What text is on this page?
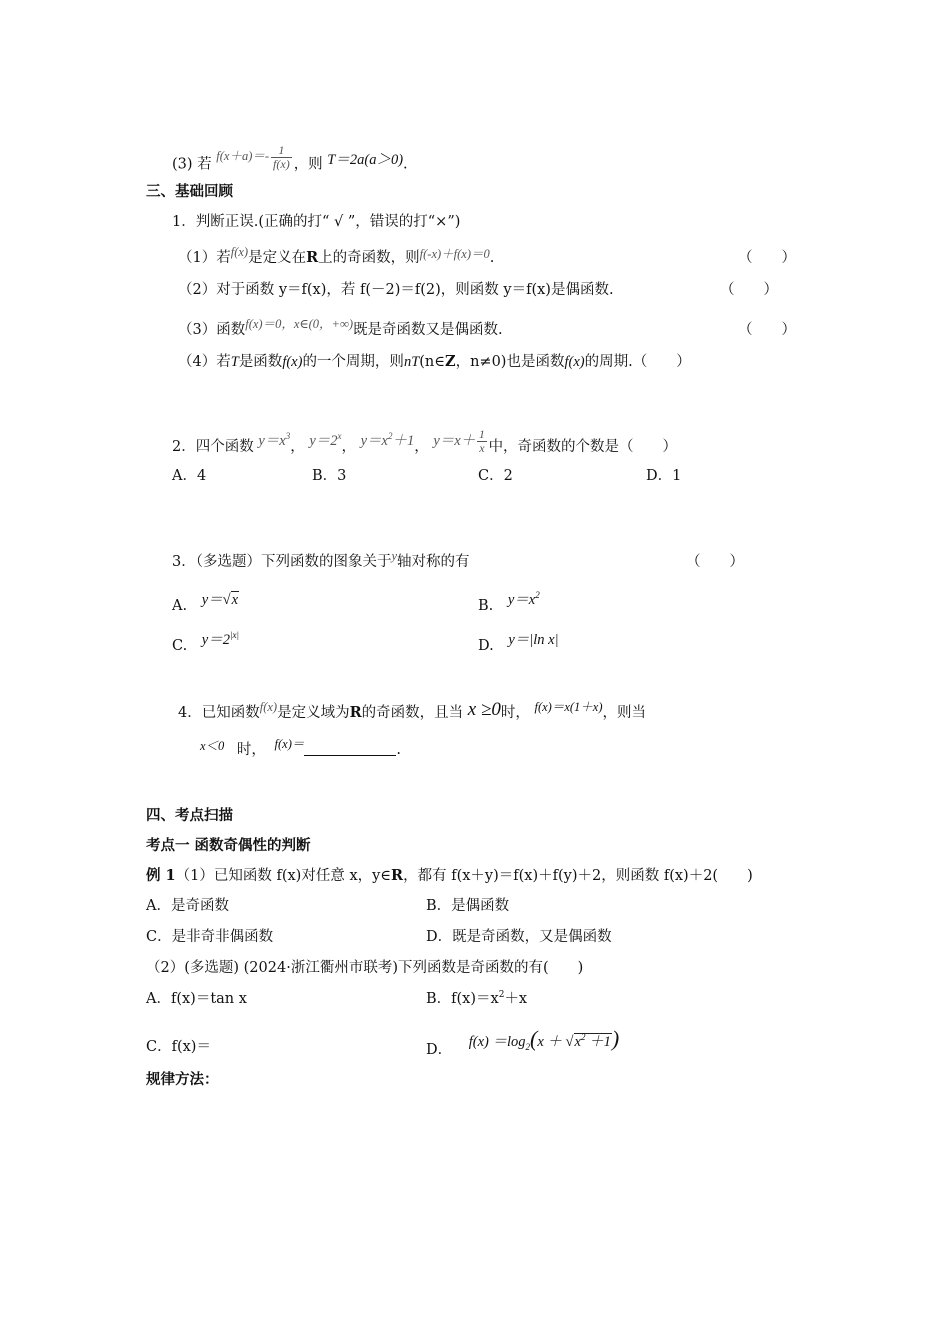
(3) 若 $f(x+a)=- \frac{1}{f(x)}$ ，则 T＝2a(a＞0).
三、基础回顾
1．判断正误.(正确的打“ √ ”，错误的打“×”)
（1）若f(x)是定义在R上的奇函数，则f(-x)＋f(x)＝0.	（　　）
（2）对于函数 y＝f(x)，若 f(－2)＝f(2)，则函数 y＝f(x)是偶函数.	（　　）
（3）函数f(x)＝0，x∈(0，+∞)既是奇函数又是偶函数.	（　　）
（4）若T是函数f(x)的一个周期，则nT(n∈Z，n≠0)也是函数f(x)的周期.（　　）
2．四个函数 $y=x^3$， $y=2^x$， $y=x^2+1$， $y=x+ \frac{1}{x}$ 中，奇函数的个数是（　　）
A．4	B．3	C．2	D．1
3．（多选题）下列函数的图象关于y轴对称的有	（　　）
A. y＝√x	B. $y=x^2$
C. $y=2^{|x|}$
D. y＝|ln x|
4．已知函数f(x)是定义域为R的奇函数，且当 x ≥0时， f(x)＝x(1＋x)，则当
x＜0 时， f(x)＝	.
四、考点扫描
考点一 函数奇偶性的判断
例 1（1）已知函数 f(x)对任意 x，y∈R，都有 f(x＋y)＝f(x)＋f(y)＋2，则函数 f(x)＋2(　　)
A．是奇函数	B．是偶函数
C．是非奇非偶函数	D．既是奇函数，又是偶函数
（2）(多选题) (2024·浙江衢州市联考)下列函数是奇函数的有(　　)
A．f(x)＝tan x	B．$f(x)=x^2+x$
C．f(x)＝	D． $f(x) =\log_2(x + √x^2 +1)$
规律方法：
